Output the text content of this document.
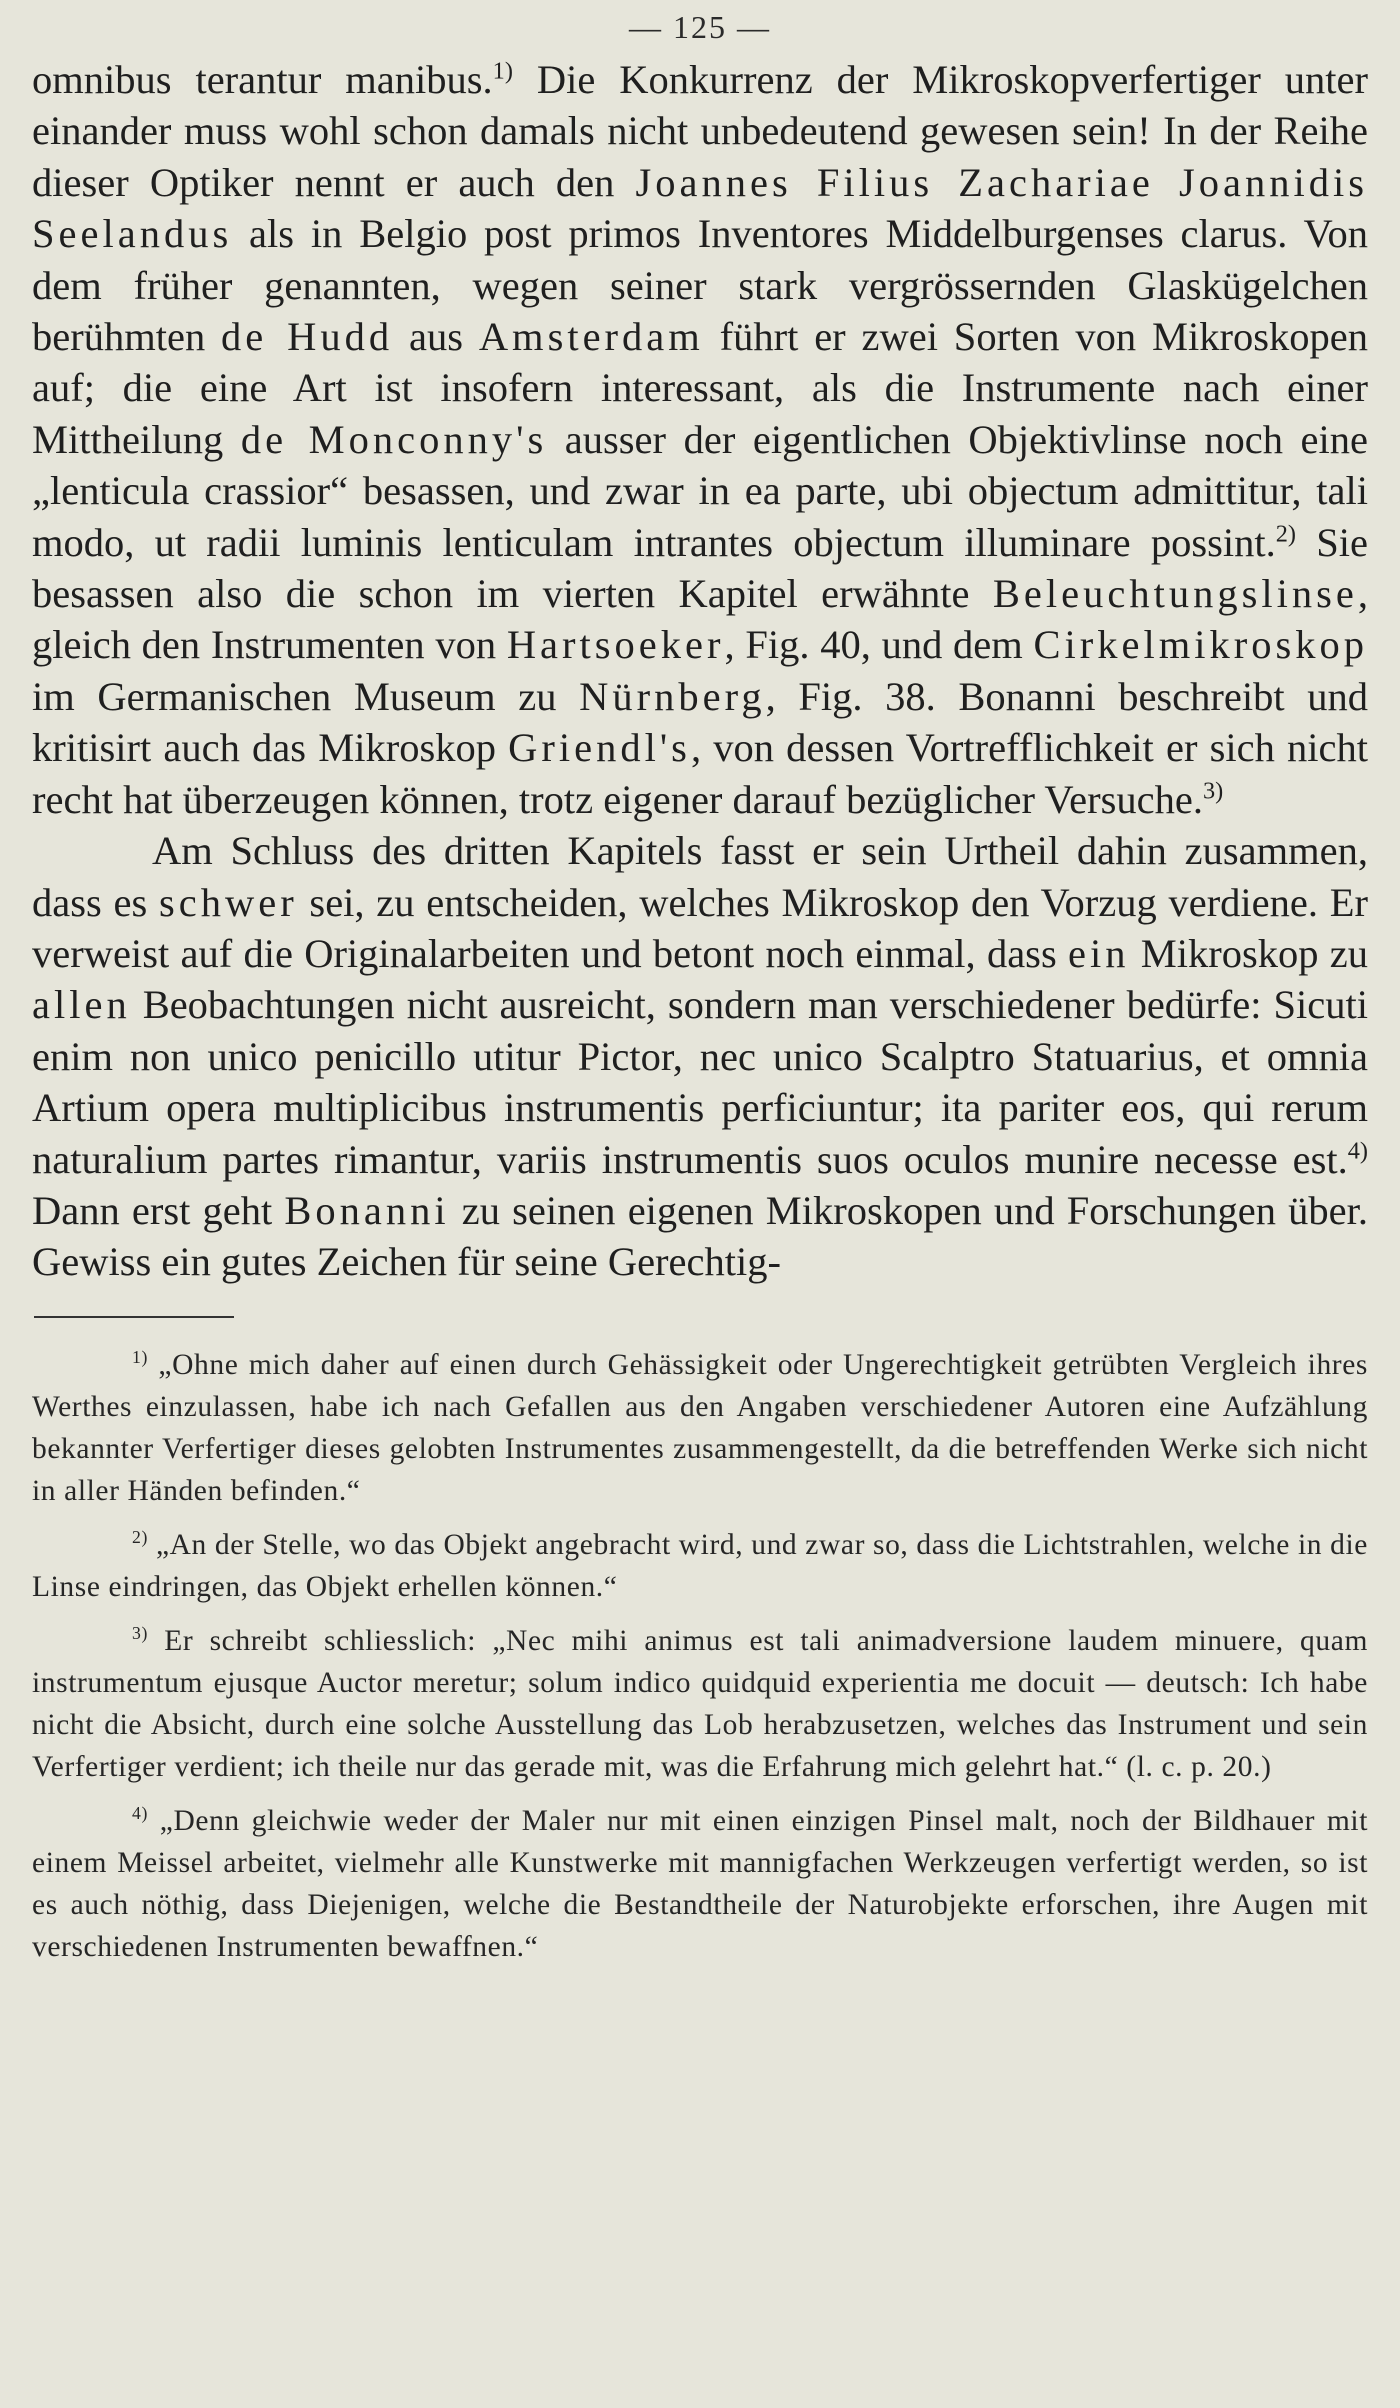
— 125 —

omnibus terantur manibus.$^{1)}$ Die Konkurrenz der Mikroskopverfertiger unter einander muss wohl schon damals nicht unbedeutend gewesen sein! In der Reihe dieser Optiker nennt er auch den Joannes Filius Zachariae Joannidis Seelandus als in Belgio post primos Inventores Middelburgenses clarus. Von dem früher genannten, wegen seiner stark vergrössernden Glaskügelchen berühmten de Hudd aus Amsterdam führt er zwei Sorten von Mikroskopen auf; die eine Art ist insofern interessant, als die Instrumente nach einer Mittheilung de Monconny's ausser der eigentlichen Objektivlinse noch eine „lenticula crassior“ besassen, und zwar in ea parte, ubi objectum admittitur, tali modo, ut radii luminis lenticulam intrantes objectum illuminare possint.$^{2)}$ Sie besassen also die schon im vierten Kapitel erwähnte Beleuchtungslinse, gleich den Instrumenten von Hartsoeker, Fig. 40, und dem Cirkelmikroskop im Germanischen Museum zu Nürnberg, Fig. 38. Bonanni beschreibt und kritisirt auch das Mikroskop Griendl's, von dessen Vortrefflichkeit er sich nicht recht hat überzeugen können, trotz eigener darauf bezüglicher Versuche.$^{3)}$

Am Schluss des dritten Kapitels fasst er sein Urtheil dahin zusammen, dass es schwer sei, zu entscheiden, welches Mikroskop den Vorzug verdiene. Er verweist auf die Originalarbeiten und betont noch einmal, dass ein Mikroskop zu allen Beobachtungen nicht ausreicht, sondern man verschiedener bedürfe: Sicuti enim non unico penicillo utitur Pictor, nec unico Scalptro Statuarius, et omnia Artium opera multiplicibus instrumentis perficiuntur; ita pariter eos, qui rerum naturalium partes rimantur, variis instrumentis suos oculos munire necesse est.$^{4)}$ Dann erst geht Bonanni zu seinen eigenen Mikroskopen und Forschungen über. Gewiss ein gutes Zeichen für seine Gerechtig-

$^{1)}$ „Ohne mich daher auf einen durch Gehässigkeit oder Ungerechtigkeit getrübten Vergleich ihres Werthes einzulassen, habe ich nach Gefallen aus den Angaben verschiedener Autoren eine Aufzählung bekannter Verfertiger dieses gelobten Instrumentes zusammengestellt, da die betreffenden Werke sich nicht in aller Händen befinden.“

$^{2)}$ „An der Stelle, wo das Objekt angebracht wird, und zwar so, dass die Lichtstrahlen, welche in die Linse eindringen, das Objekt erhellen können.“

$^{3)}$ Er schreibt schliesslich: „Nec mihi animus est tali animadversione laudem minuere, quam instrumentum ejusque Auctor meretur; solum indico quidquid experientia me docuit — deutsch: Ich habe nicht die Absicht, durch eine solche Ausstellung das Lob herabzusetzen, welches das Instrument und sein Verfertiger verdient; ich theile nur das gerade mit, was die Erfahrung mich gelehrt hat.“ (l. c. p. 20.)

$^{4)}$ „Denn gleichwie weder der Maler nur mit einen einzigen Pinsel malt, noch der Bildhauer mit einem Meissel arbeitet, vielmehr alle Kunstwerke mit mannigfachen Werkzeugen verfertigt werden, so ist es auch nöthig, dass Diejenigen, welche die Bestandtheile der Naturobjekte erforschen, ihre Augen mit verschiedenen Instrumenten bewaffnen.“
